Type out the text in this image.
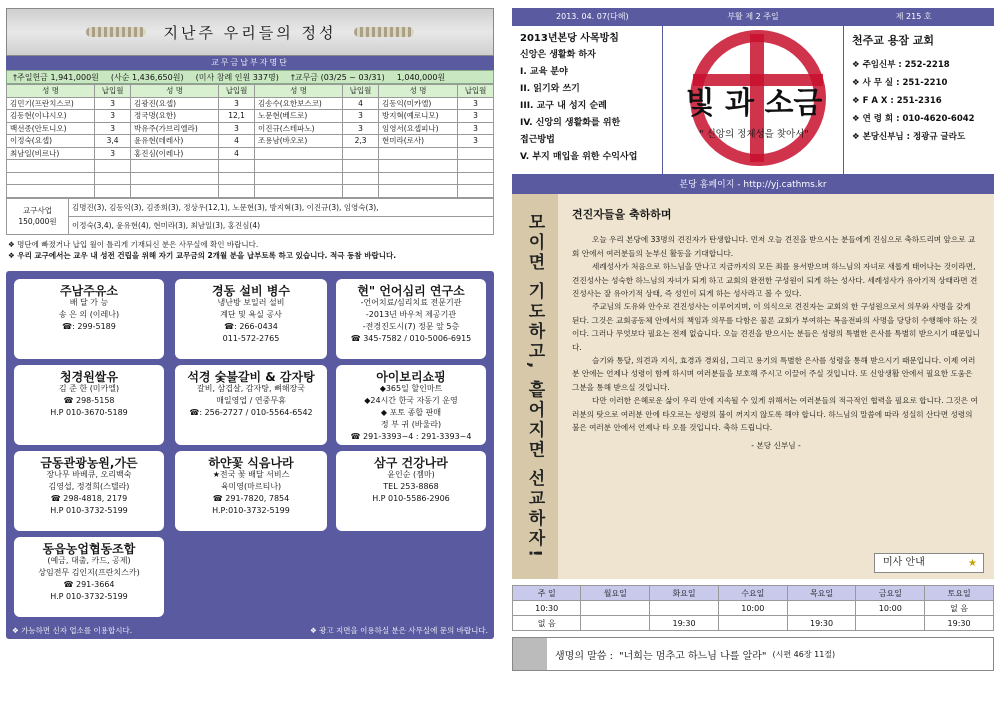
지난주 우리들의 정성
교무금납부자명단
†주일헌금 1,941,000원	(사순 1,436,650원)	(미사 참례 인원 337명)	†교무금 (03/25 ~ 03/31)	1,040,000원
성 명	납입월	성 명	납입월	성 명	납입월	성 명	납입월
김민기(프란치스코)	3	김광진(요셉)	3	김송수(요한보스코)	4	김동익(미카엘)	3
김동현(이냐시오)	3	정국명(요한)	12,1	노문현(베드로)	3	방지혁(예로니모)	3
백선종(안토니오)	3	박유주(가브리엘라)	3	이진규(스테파노)	3	임영서(요셉피나)	3
이정숙(요셉)	3,4	윤유현(데레사)	4	조용남(바오로)	2,3	현미라(로사)	3
최남일(비르나)	3	홍진심(이레나)	4				

교구사업
150,000원
	김명진(3), 김동익(3), 김종희(3), 정상우(12,1), 노문현(3), 방지혁(3), 이진규(3), 임영숙(3),
이정숙(3,4), 윤유현(4), 현미라(3), 최남일(3), 홍진심(4)
❖ 명단에 빠졌거나 납입 월이 틀리게 기재되신 분은 사무실에 확인 바랍니다.
❖ 우리 교구에서는 교우 내 성전 건립을 위해 자기 교무금의 2개월 분을 납부토록 하고 있습니다. 적극 동참 바랍니다.
❖ 가능하면 신자 업소를 이용합시다.	❖ 광고 지면을 이용하실 분은 사무실에 문의 바랍니다.
주남주유소
배 달 가 능
송 은 의 (이레나)
☎: 299-5189
경동 설비 병수
냉난방 보일러 설비
계단 및 욕실 공사
☎: 266-0434
011-572-2765
현" 언어심리 연구소
-언어치료/심리치료 전문기관
-2013년 바우처 제공기관
-전경진도시(7) 정문 앞 5층
☎ 345-7582 / 010-5006-6915
청경원쌀유
김 준 한 (미카엘)
☎ 298-5158
H.P 010-3670-5189
석경 숯불갈비 & 감자탕
갈비, 삼겹살, 감자탕, 뼈해장국
매일영업 / 연중무휴
☎: 256-2727 / 010-5564-6542
아이보리쇼핑
◆365일 할인마트
◆24시간 한국 자동기 운영
◆ 포토 종합 판매
정 부 귀 (바울라)
☎ 291-3393~4 : 291-3393~4
금동관광농원,가든
장나무 바베큐, 오리백숙
김영섭, 정경희(스텔라)
☎ 298-4818, 2179
H.P 010-3732-5199
하얀꽃 식음나라
★전국 꽃 배달 서비스
육미영(마르티나)
☎ 291-7820, 7854
H.P:010-3732-5199
삼구 건강나라
윤인순 (젬마)
TEL 253-8868
H.P 010-5586-2906
동읍농업협동조합
(예금, 대출, 카드, 공제)
상임전무 김인지(프란치스카)
☎ 291-3664
H.P 010-3732-5199
2013. 04. 07(다해)	부활 제 2 주일	제 215 호
2013년본당 사목방침
신앙은 생활화 하자
I. 교육 분야
II. 읽기와 쓰기
III. 교구 내 성지 순례
IV. 신앙의 생활화를 위한
접근방법
V. 부지 매입을 위한 수익사업
빛 과 소금
" 신앙의 정체성을 찾아서"
천주교 용잠 교회
❖ 주임신부 : 252-2218
❖ 사 무 실 : 251-2210
❖ F A X : 251-2316
❖ 연 령 회 : 010-4620-6042
❖ 본당신부님 : 정광규 글라도
본당 홈페이지 - http://yj.cathms.kr
모이면 기도하고, 흩어지면 선교하자!	견진자들을 축하하며

오늘 우리 본당에 33명의 견진자가 탄생합니다. 먼저 오늘 견진을 받으시는 분들에게 진심으로 축하드리며 앞으로 교회 안에서 여러분들의 눈부신 활동을 기대합니다.

세례성사가 처음으로 하느님을 만나고 지금까지의 모든 죄를 용서받으며 하느님의 자녀로 새롭게 태어나는 것이라면, 견진성사는 성숙한 하느님의 자녀가 되게 하고 교회의 완전한 구성원이 되게 하는 성사다. 세례성사가 유아기적 상태라면 견진성사는 잘 유아기적 상태, 즉 성인이 되게 하는 성사라고 볼 수 있다.

주교님의 도유와 안수로 견진성사는 이루어지며, 이 의식으로 견진자는 교회의 한 구성원으로서 의무와 사명을 갖게 된다. 그것은 교회공동체 안에서의 책임과 의무를 다함은 물론 교회가 부여하는 복음전파의 사명을 당당히 수행해야 하는 것이다. 그러나 무엇보다 필요는 전제 없습니다. 오늘 견진을 받으시는 분들은 성령의 특별한 은사를 특별히 받으시기 때문입니다.

슬기와 통달, 의견과 지식, 효경과 경외심, 그리고 용기의 특별한 은사를 성령을 통해 받으시기 때문입니다. 이제 여러분 안에는 언제나 성령이 함께 하시며 여러분들을 보호해 주시고 이끌어 주실 것입니다. 또 신앙생활 안에서 필요한 도움은 그분을 통해 받으실 것입니다.

다만 이러한 은혜로운 삶이 우리 안에 지속될 수 있게 위해서는 여러분들의 적극적인 협력을 필요로 합니다. 그것은 여러분의 탓으로 여러분 안에 타오르는 성령의 불이 꺼지지 않도록 해야 합니다. 하느님의 말씀에 따라 성실히 산다면 성령의 불은 여러분 안에서 언제나 타 오를 것입니다. 축하 드립니다.

- 본당 신부님 -
미사 안내	★
주 일	월요일	화요일	수요일	목요일	금요일	토요일
10:30			10:00		10:00	없 음
없 음		19:30		19:30		19:30
생명의 말씀 : "너희는 멈추고 하느님 나를 알라" (시편 46장 11절)
